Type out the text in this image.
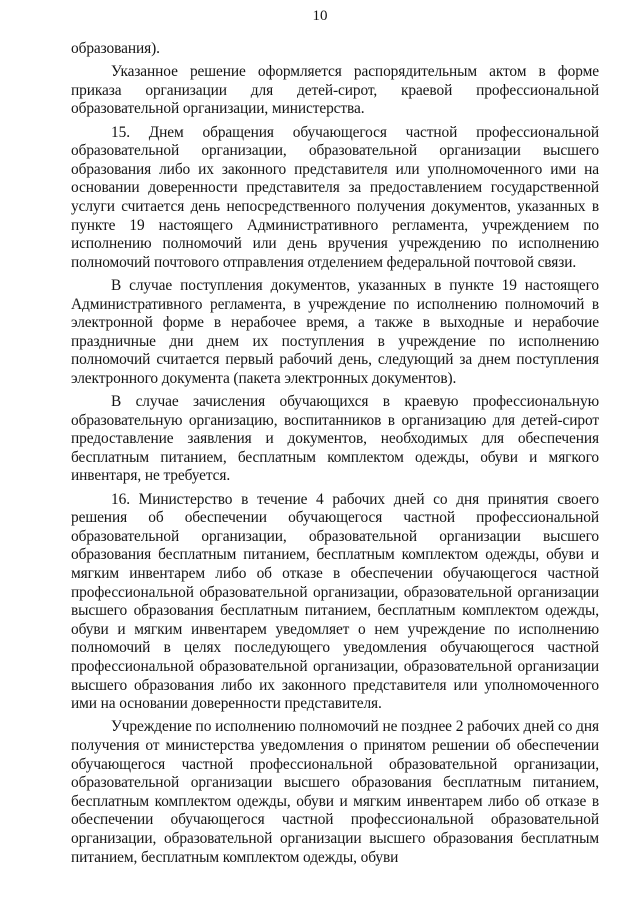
10

образования).

Указанное решение оформляется распорядительным актом в форме приказа организации для детей-сирот, краевой профессиональной образовательной организации, министерства.

15. Днем обращения обучающегося частной профессиональной образовательной организации, образовательной организации высшего образования либо их законного представителя или уполномоченного ими на основании доверенности представителя за предоставлением государственной услуги считается день непосредственного получения документов, указанных в пункте 19 настоящего Административного регламента, учреждением по исполнению полномочий или день вручения учреждению по исполнению полномочий почтового отправления отделением федеральной почтовой связи.

В случае поступления документов, указанных в пункте 19 настоящего Административного регламента, в учреждение по исполнению полномочий в электронной форме в нерабочее время, а также в выходные и нерабочие праздничные дни днем их поступления в учреждение по исполнению полномочий считается первый рабочий день, следующий за днем поступления электронного документа (пакета электронных документов).

В случае зачисления обучающихся в краевую профессиональную образовательную организацию, воспитанников в организацию для детей-сирот предоставление заявления и документов, необходимых для обеспечения бесплатным питанием, бесплатным комплектом одежды, обуви и мягкого инвентаря, не требуется.

16. Министерство в течение 4 рабочих дней со дня принятия своего решения об обеспечении обучающегося частной профессиональной образовательной организации, образовательной организации высшего образования бесплатным питанием, бесплатным комплектом одежды, обуви и мягким инвентарем либо об отказе в обеспечении обучающегося частной профессиональной образовательной организации, образовательной организации высшего образования бесплатным питанием, бесплатным комплектом одежды, обуви и мягким инвентарем уведомляет о нем учреждение по исполнению полномочий в целях последующего уведомления обучающегося частной профессиональной образовательной организации, образовательной организации высшего образования либо их законного представителя или уполномоченного ими на основании доверенности представителя.

Учреждение по исполнению полномочий не позднее 2 рабочих дней со дня получения от министерства уведомления о принятом решении об обеспечении обучающегося частной профессиональной образовательной организации, образовательной организации высшего образования бесплатным питанием, бесплатным комплектом одежды, обуви и мягким инвентарем либо об отказе в обеспечении обучающегося частной профессиональной образовательной организации, образовательной организации высшего образования бесплатным питанием, бесплатным комплектом одежды, обуви
